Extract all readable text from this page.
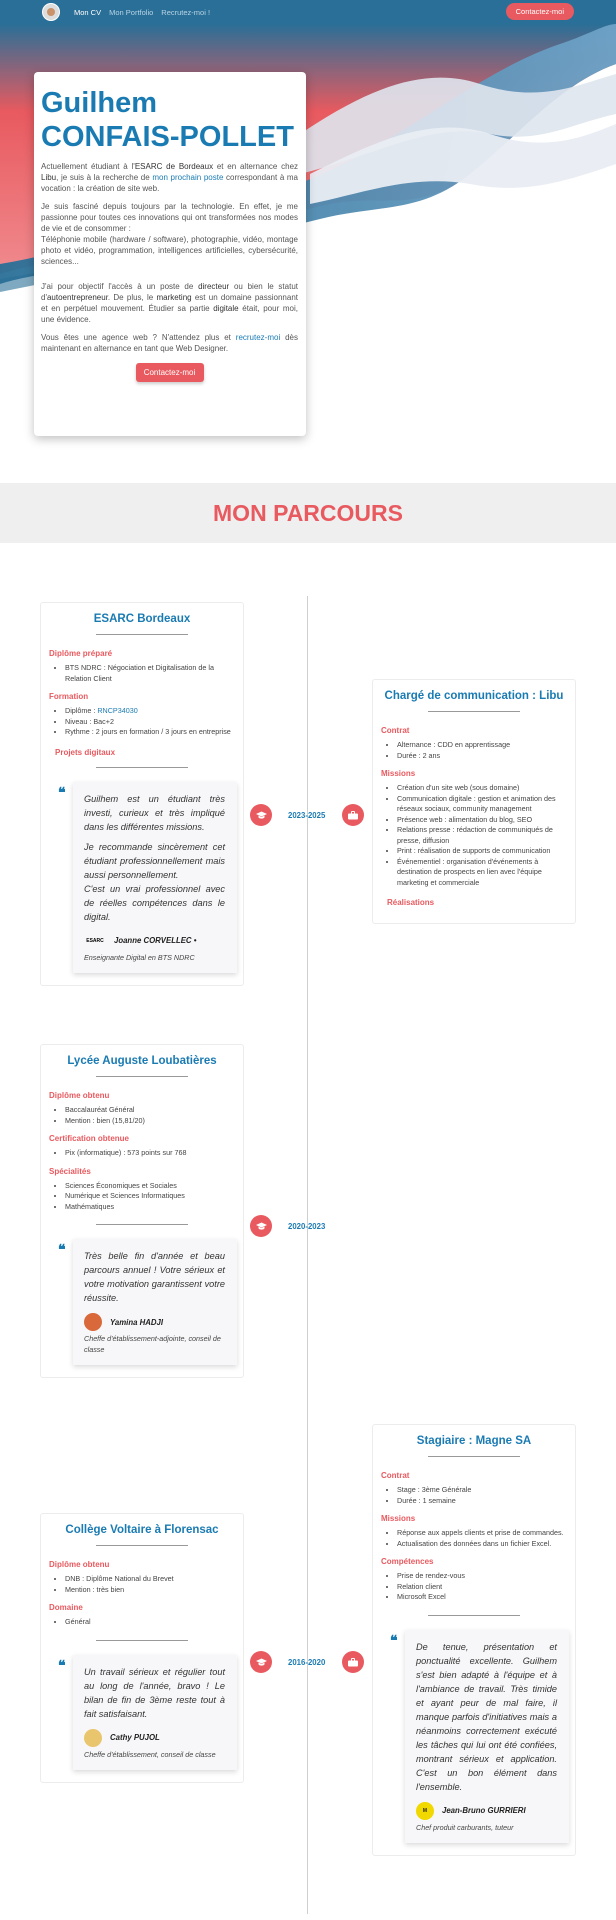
Mon CV Mon Portfolio Recrutez-moi !	Contactez-moi
Guilhem
CONFAIS-POLLET

Actuellement étudiant à l'ESARC de Bordeaux et en alternance chez Libu, je suis à la recherche de mon prochain poste correspondant à ma vocation : la création de site web.

Je suis fasciné depuis toujours par la technologie. En effet, je me passionne pour toutes ces innovations qui ont transformées nos modes de vie et de consommer :
Téléphonie mobile (hardware / software), photographie, vidéo, montage photo et vidéo, programmation, intelligences artificielles, cybersécurité, sciences...

J'ai pour objectif l'accès à un poste de directeur ou bien le statut d'autoentrepreneur. De plus, le marketing est un domaine passionnant et en perpétuel mouvement. Étudier sa partie digitale était, pour moi, une évidence.

Vous êtes une agence web ? N'attendez plus et recrutez-moi dès maintenant en alternance en tant que Web Designer.

Contactez-moi
MON PARCOURS
ESARC Bordeaux
Diplôme préparé
• BTS NDRC : Négociation et Digitalisation de la Relation Client
Formation
• Diplôme : RNCP34030
• Niveau : Bac+2
• Rythme : 2 jours en formation / 3 jours en entreprise
Projets digitaux
❝ Guilhem est un étudiant très investi, curieux et très impliqué dans les différentes missions.

Je recommande sincèrement cet étudiant professionnellement mais aussi personnellement.

C'est un vrai professionnel avec de réelles compétences dans le digital.

ESARC Joanne CORVELLEC •
Enseignante Digital en BTS NDRC
Chargé de communication : Libu
Contrat
• Alternance : CDD en apprentissage
• Durée : 2 ans
Missions
• Création d'un site web (sous domaine)
• Communication digitale : gestion et animation des réseaux sociaux, community management
• Présence web : alimentation du blog, SEO
• Relations presse : rédaction de communiqués de presse, diffusion
• Print : réalisation de supports de communication
• Événementiel : organisation d'événements à destination de prospects en lien avec l'équipe marketing et commerciale
Réalisations
Lycée Auguste Loubatières
Diplôme obtenu
• Baccalauréat Général
• Mention : bien (15,81/20)
Certification obtenue
• Pix (informatique) : 573 points sur 768
Spécialités
• Sciences Économiques et Sociales
• Numérique et Sciences Informatiques
• Mathématiques
❝ Très belle fin d'année et beau parcours annuel ! Votre sérieux et votre motivation garantissent votre réussite.

Yamina HADJI
Cheffe d'établissement-adjointe, conseil de classe
Stagiaire : Magne SA
Contrat
• Stage : 3ème Générale
• Durée : 1 semaine
Missions
• Réponse aux appels clients et prise de commandes.
• Actualisation des données dans un fichier Excel.
Compétences
• Prise de rendez-vous
• Relation client
• Microsoft Excel
❝ De tenue, présentation et ponctualité excellente. Guilhem s'est bien adapté à l'équipe et à l'ambiance de travail. Très timide et ayant peur de mal faire, il manque parfois d'initiatives mais a néanmoins correctement exécuté les tâches qui lui ont été confiées, montrant sérieux et application. C'est un bon élément dans l'ensemble.

M	Jean-Bruno GURRIERI
Chef produit carburants, tuteur
Collège Voltaire à Florensac
Diplôme obtenu
• DNB : Diplôme National du Brevet
• Mention : très bien
Domaine
• Général
❝ Un travail sérieux et régulier tout au long de l'année, bravo ! Le bilan de fin de 3ème reste tout à fait satisfaisant.

Cathy PUJOL
Cheffe d'établissement, conseil de classe
2023-2025
2020-2023
2016-2020
